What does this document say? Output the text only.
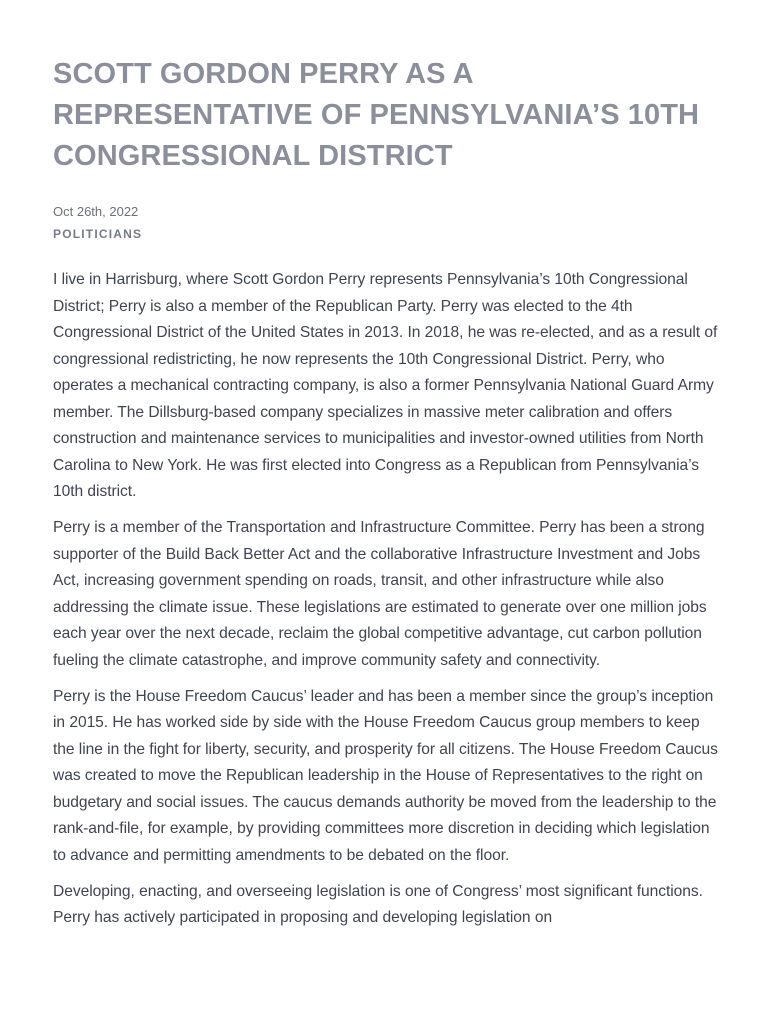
SCOTT GORDON PERRY AS A REPRESENTATIVE OF PENNSYLVANIA’S 10TH CONGRESSIONAL DISTRICT
Oct 26th, 2022
POLITICIANS

I live in Harrisburg, where Scott Gordon Perry represents Pennsylvania’s 10th Congressional District; Perry is also a member of the Republican Party. Perry was elected to the 4th Congressional District of the United States in 2013. In 2018, he was re-elected, and as a result of congressional redistricting, he now represents the 10th Congressional District. Perry, who operates a mechanical contracting company, is also a former Pennsylvania National Guard Army member. The Dillsburg-based company specializes in massive meter calibration and offers construction and maintenance services to municipalities and investor-owned utilities from North Carolina to New York. He was first elected into Congress as a Republican from Pennsylvania’s 10th district.

Perry is a member of the Transportation and Infrastructure Committee. Perry has been a strong supporter of the Build Back Better Act and the collaborative Infrastructure Investment and Jobs Act, increasing government spending on roads, transit, and other infrastructure while also addressing the climate issue. These legislations are estimated to generate over one million jobs each year over the next decade, reclaim the global competitive advantage, cut carbon pollution fueling the climate catastrophe, and improve community safety and connectivity.

Perry is the House Freedom Caucus’ leader and has been a member since the group’s inception in 2015. He has worked side by side with the House Freedom Caucus group members to keep the line in the fight for liberty, security, and prosperity for all citizens. The House Freedom Caucus was created to move the Republican leadership in the House of Representatives to the right on budgetary and social issues. The caucus demands authority be moved from the leadership to the rank-and-file, for example, by providing committees more discretion in deciding which legislation to advance and permitting amendments to be debated on the floor.

Developing, enacting, and overseeing legislation is one of Congress’ most significant functions. Perry has actively participated in proposing and developing legislation on
